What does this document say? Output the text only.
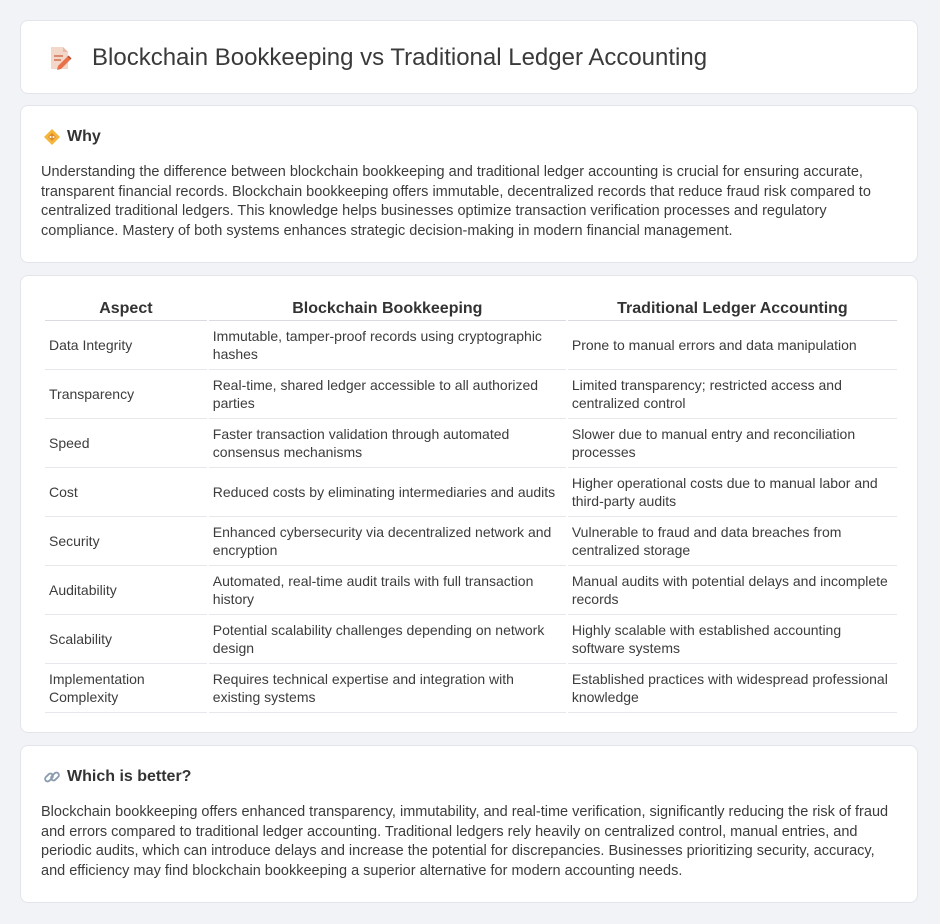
Blockchain Bookkeeping vs Traditional Ledger Accounting
Why
Understanding the difference between blockchain bookkeeping and traditional ledger accounting is crucial for ensuring accurate, transparent financial records. Blockchain bookkeeping offers immutable, decentralized records that reduce fraud risk compared to centralized traditional ledgers. This knowledge helps businesses optimize transaction verification processes and regulatory compliance. Mastery of both systems enhances strategic decision-making in modern financial management.
Aspect	Blockchain Bookkeeping	Traditional Ledger Accounting
Data Integrity	Immutable, tamper-proof records using cryptographic hashes	Prone to manual errors and data manipulation
Transparency	Real-time, shared ledger accessible to all authorized parties	Limited transparency; restricted access and centralized control
Speed	Faster transaction validation through automated consensus mechanisms	Slower due to manual entry and reconciliation processes
Cost	Reduced costs by eliminating intermediaries and audits	Higher operational costs due to manual labor and third-party audits
Security	Enhanced cybersecurity via decentralized network and encryption	Vulnerable to fraud and data breaches from centralized storage
Auditability	Automated, real-time audit trails with full transaction history	Manual audits with potential delays and incomplete records
Scalability	Potential scalability challenges depending on network design	Highly scalable with established accounting software systems
Implementation Complexity	Requires technical expertise and integration with existing systems	Established practices with widespread professional knowledge
Which is better?
Blockchain bookkeeping offers enhanced transparency, immutability, and real-time verification, significantly reducing the risk of fraud and errors compared to traditional ledger accounting. Traditional ledgers rely heavily on centralized control, manual entries, and periodic audits, which can introduce delays and increase the potential for discrepancies. Businesses prioritizing security, accuracy, and efficiency may find blockchain bookkeeping a superior alternative for modern accounting needs.
